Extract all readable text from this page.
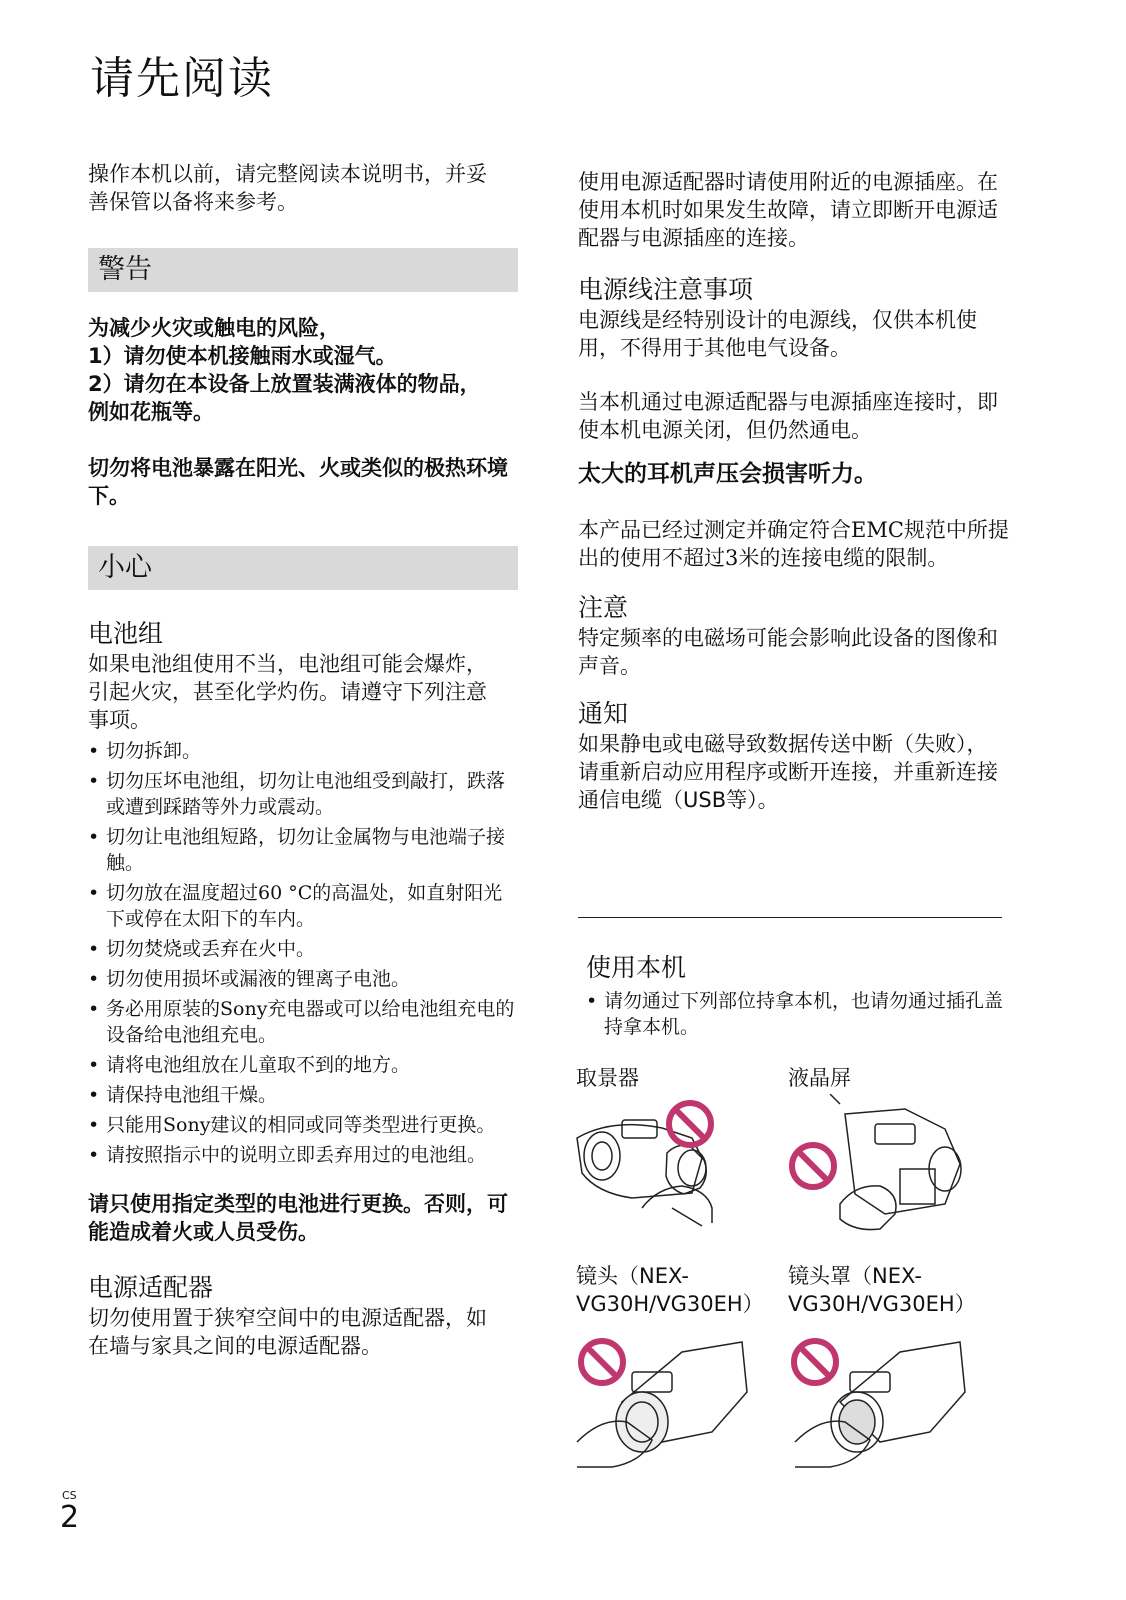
请先阅读

操作本机以前，请完整阅读本说明书，并妥善保管以备将来参考。

警告

为减少火灾或触电的风险，

1）请勿使本机接触雨水或湿气。

2）请勿在本设备上放置装满液体的物品，例如花瓶等。

切勿将电池暴露在阳光、火或类似的极热环境下。

小心

电池组

如果电池组使用不当，电池组可能会爆炸，引起火灾，甚至化学灼伤。请遵守下列注意事项。

• 切勿拆卸。
• 切勿压坏电池组，切勿让电池组受到敲打，跌落或遭到踩踏等外力或震动。
• 切勿让电池组短路，切勿让金属物与电池端子接触。
• 切勿放在温度超过60 °C的高温处，如直射阳光下或停在太阳下的车内。
• 切勿焚烧或丢弃在火中。
• 切勿使用损坏或漏液的锂离子电池。
• 务必用原装的Sony充电器或可以给电池组充电的设备给电池组充电。
• 请将电池组放在儿童取不到的地方。
• 请保持电池组干燥。
• 只能用Sony建议的相同或同等类型进行更换。
• 请按照指示中的说明立即丢弃用过的电池组。

请只使用指定类型的电池进行更换。否则，可能造成着火或人员受伤。

电源适配器

切勿使用置于狭窄空间中的电源适配器，如在墙与家具之间的电源适配器。

使用电源适配器时请使用附近的电源插座。在使用本机时如果发生故障，请立即断开电源适配器与电源插座的连接。

电源线注意事项

电源线是经特别设计的电源线，仅供本机使用，不得用于其他电气设备。

当本机通过电源适配器与电源插座连接时，即使本机电源关闭，但仍然通电。

太大的耳机声压会损害听力。

本产品已经过测定并确定符合EMC规范中所提出的使用不超过3米的连接电缆的限制。

注意

特定频率的电磁场可能会影响此设备的图像和声音。

通知

如果静电或电磁导致数据传送中断（失败），请重新启动应用程序或断开连接，并重新连接通信电缆（USB等）。

使用本机

• 请勿通过下列部位持拿本机，也请勿通过插孔盖持拿本机。

取景器	液晶屏

镜头（NEX-VG30H/VG30EH）

镜头罩（NEX-VG30H/VG30EH）

CS
2
